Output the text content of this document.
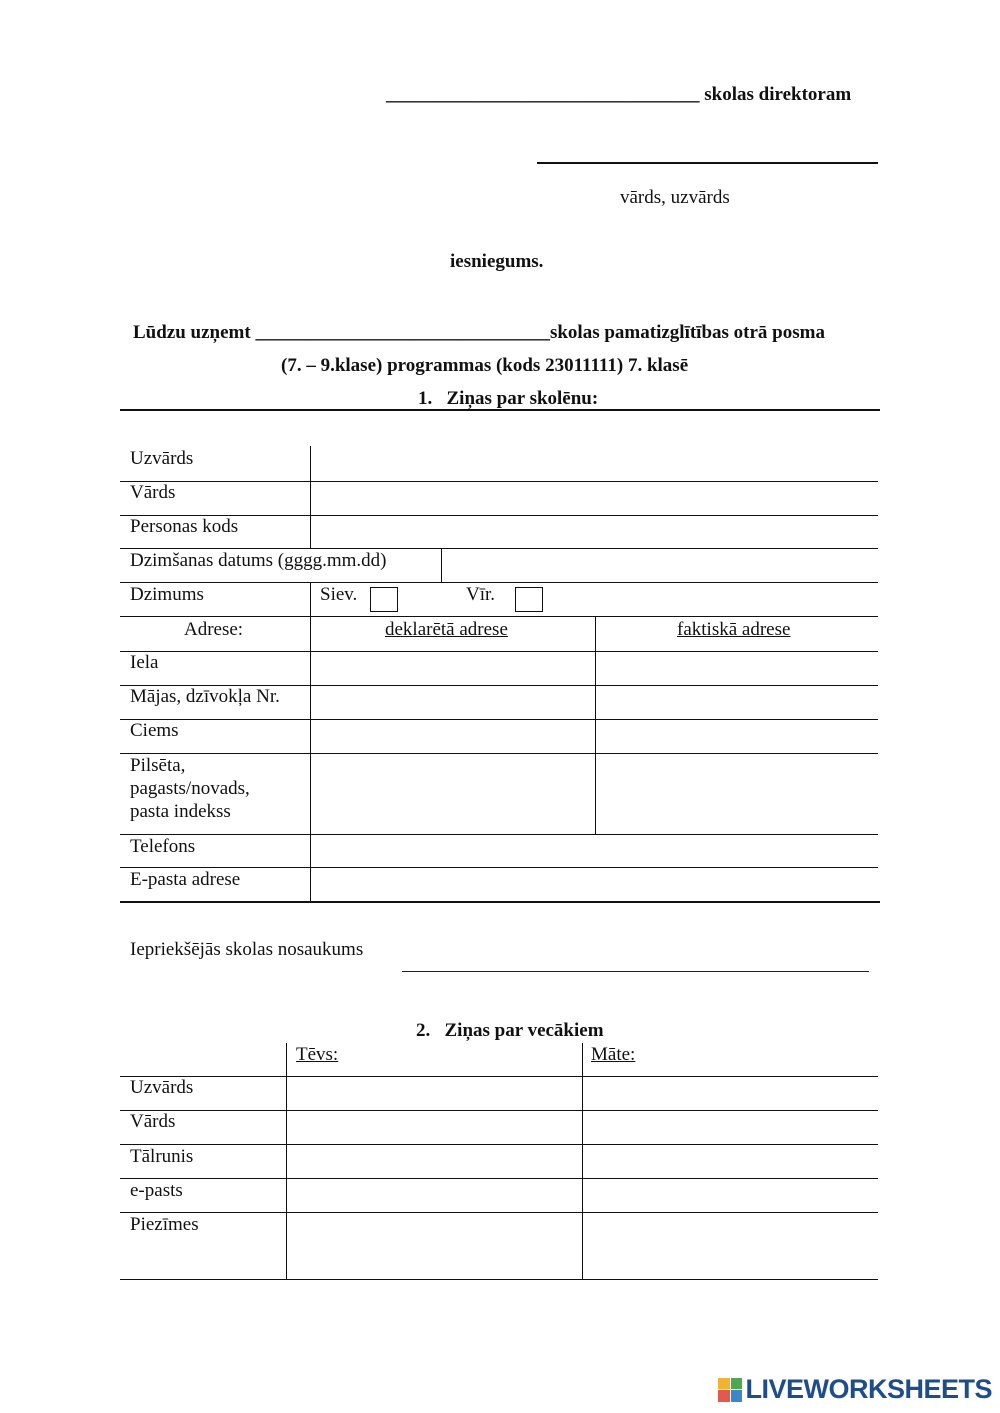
_________________________________ skolas direktoram
vārds, uzvārds
iesniegums.
Lūdzu uzņemt _______________________________skolas pamatizglītības otrā posma
(7. – 9.klase) programmas (kods 23011111) 7. klasē
1. Ziņas par skolēnu:
Uzvārds
Vārds
Personas kods
Dzimšanas datums (gggg.mm.dd)
Dzimums	Siev.	Vīr.
Adrese:	deklarētā adrese	faktiskā adrese
Iela
Mājas, dzīvokļa Nr.
Ciems
Pilsēta,
pagasts/novads,
pasta indekss
Telefons
E-pasta adrese
Iepriekšējās skolas nosaukums
2. Ziņas par vecākiem
Tēvs:	Māte:
Uzvārds
Vārds
Tālrunis
e-pasts
Piezīmes
LIVEWORKSHEETS
